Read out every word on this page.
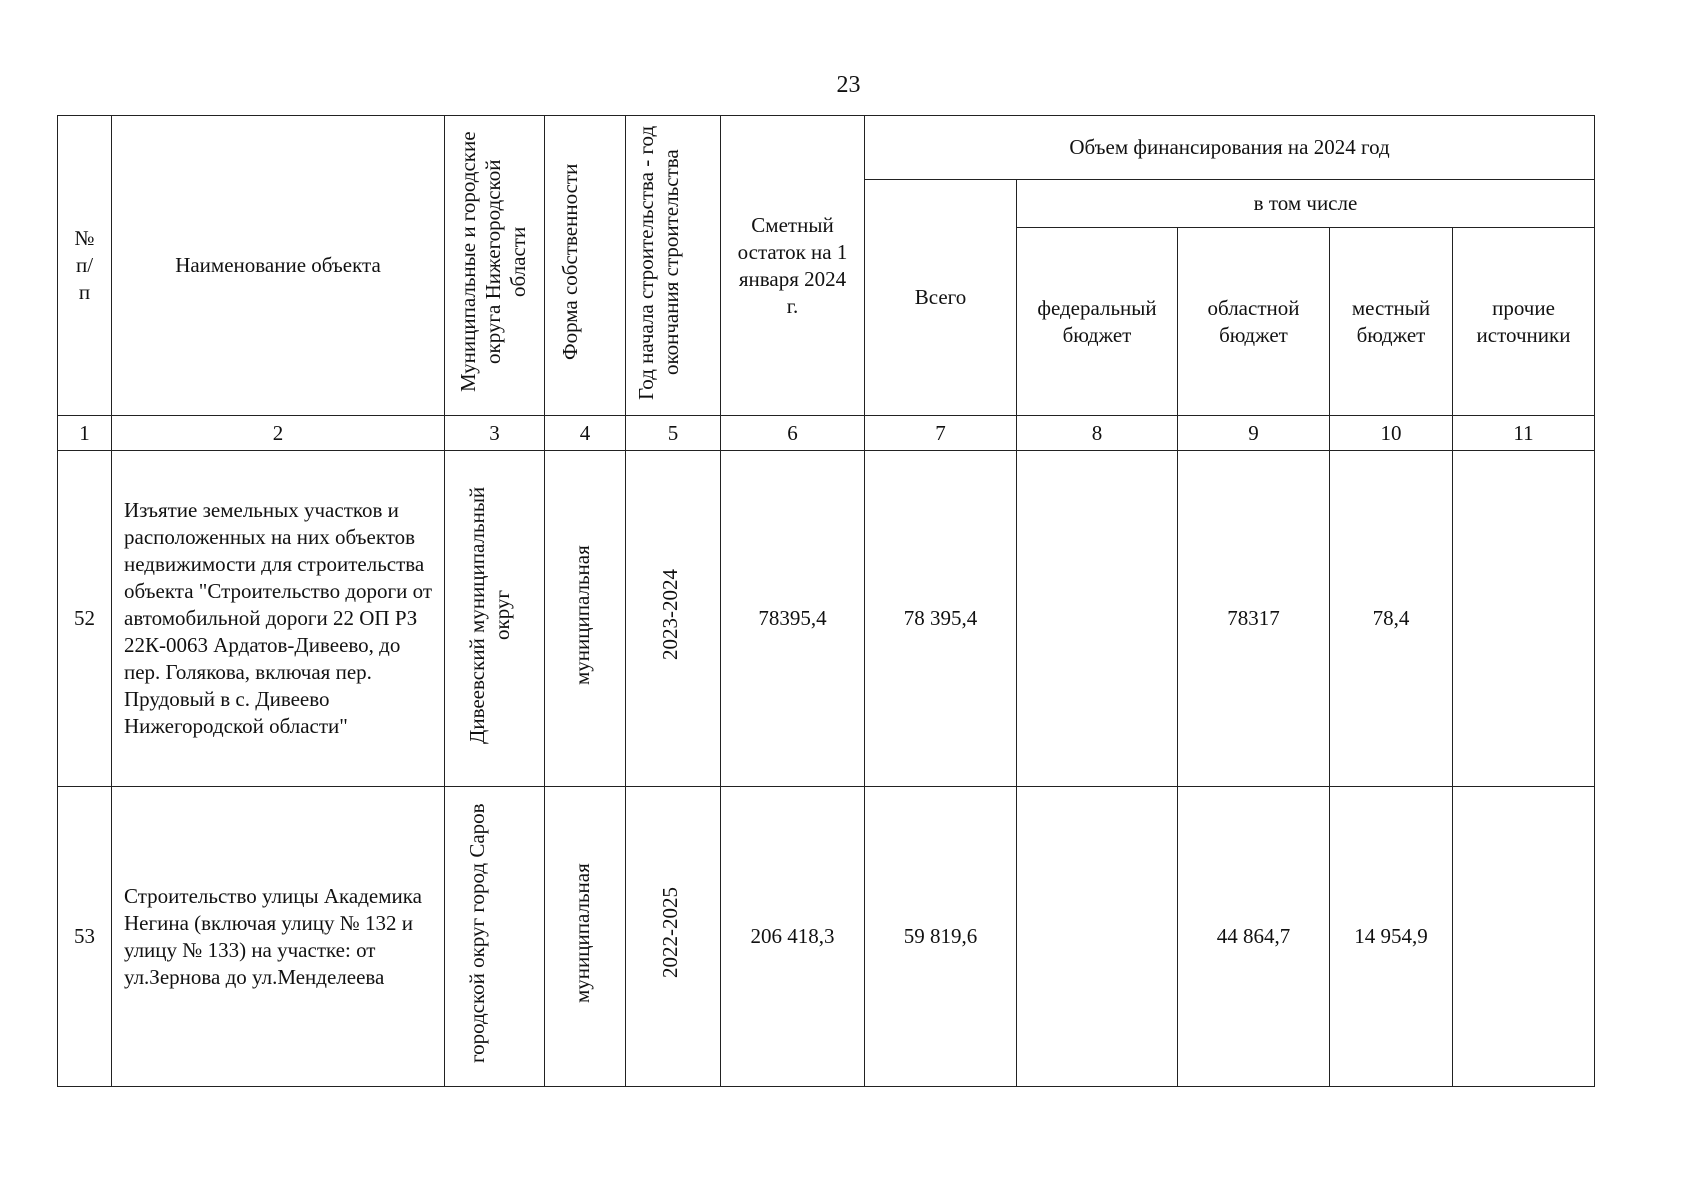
23
№ п/ п	Наименование объекта	Муниципальные и городские округа Нижегородской области	Форма собственности	Год начала строительства - год окончания строительства	Сметный остаток на 1 января 2024 г.	Объем финансирования на 2024 год				
						Всего	в том числе			
							федеральный бюджет	областной бюджет	местный бюджет	прочие источники
1	2	3	4	5	6	7	8	9	10	11
52	Изъятие земельных участков и расположенных на них объектов недвижимости для строительства объекта "Строительство дороги от автомобильной дороги 22 ОП РЗ 22К-0063 Ардатов-Дивеево, до пер. Голякова, включая пер. Прудовый в с. Дивеево Нижегородской области"	Дивеевский муниципальный округ	муниципальная	2023-2024	78395,4	78 395,4		78317	78,4	
53	Строительство улицы Академика Негина (включая улицу № 132 и улицу № 133) на участке: от ул.Зернова до ул.Менделеева	городской округ город Саров	муниципальная	2022-2025	206 418,3	59 819,6		44 864,7	14 954,9	
